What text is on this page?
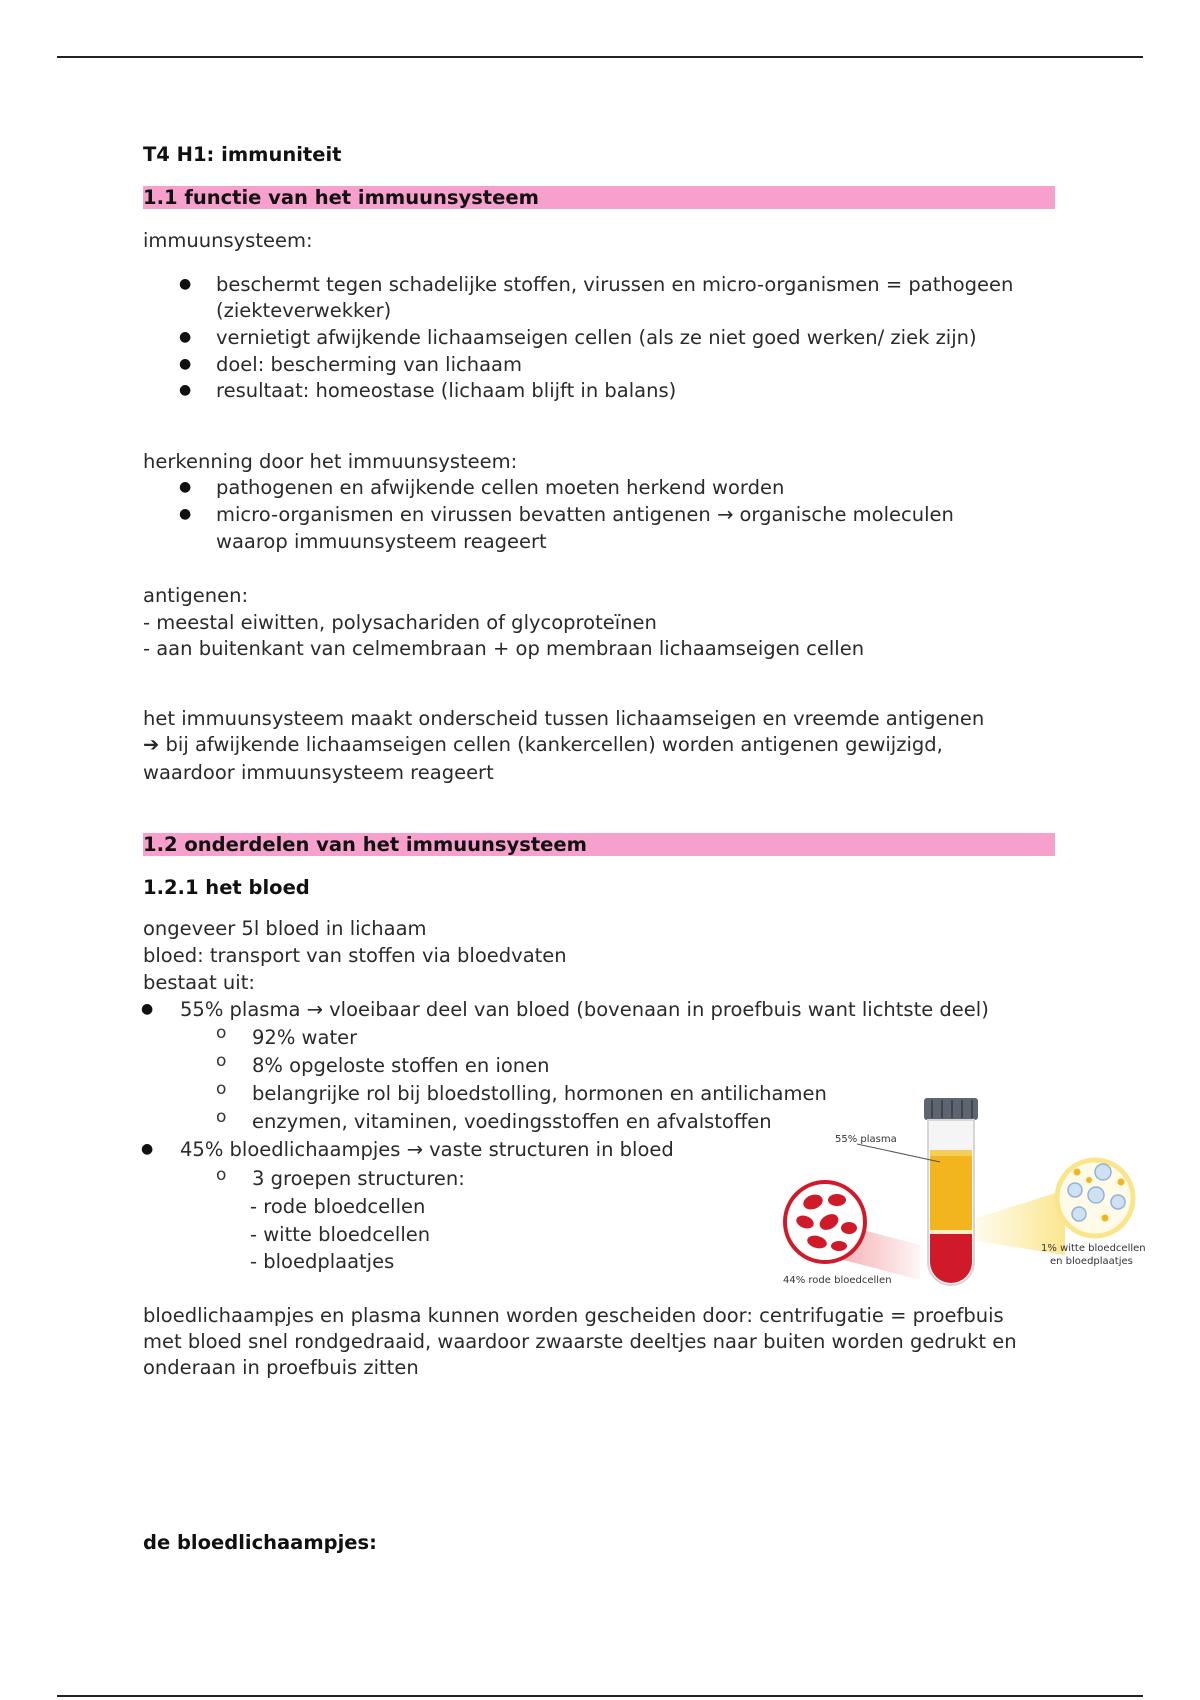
T4 H1: immuniteit
1.1 functie van het immuunsysteem
immuunsysteem:
● beschermt tegen schadelijke stoffen, virussen en micro-organismen = pathogeen
(ziekteverwekker)
● vernietigt afwijkende lichaamseigen cellen (als ze niet goed werken/ ziek zijn)
● doel: bescherming van lichaam
● resultaat: homeostase (lichaam blijft in balans)
herkenning door het immuunsysteem:
● pathogenen en afwijkende cellen moeten herkend worden
● micro-organismen en virussen bevatten antigenen → organische moleculen
waarop immuunsysteem reageert
antigenen:
- meestal eiwitten, polysachariden of glycoproteïnen
- aan buitenkant van celmembraan + op membraan lichaamseigen cellen
het immuunsysteem maakt onderscheid tussen lichaamseigen en vreemde antigenen
➔ bij afwijkende lichaamseigen cellen (kankercellen) worden antigenen gewijzigd,
waardoor immuunsysteem reageert
1.2 onderdelen van het immuunsysteem
1.2.1 het bloed
ongeveer 5l bloed in lichaam
bloed: transport van stoffen via bloedvaten
bestaat uit:
● 55% plasma → vloeibaar deel van bloed (bovenaan in proefbuis want lichtste deel)
o 92% water
o 8% opgeloste stoffen en ionen
o belangrijke rol bij bloedstolling, hormonen en antilichamen
o enzymen, vitaminen, voedingsstoffen en afvalstoffen
● 45% bloedlichaampjes → vaste structuren in bloed
o 3 groepen structuren:
- rode bloedcellen
- witte bloedcellen
- bloedplaatjes
55% plasma
44% rode bloedcellen
1% witte bloedcellen
en bloedplaatjes
bloedlichaampjes en plasma kunnen worden gescheiden door: centrifugatie = proefbuis
met bloed snel rondgedraaid, waardoor zwaarste deeltjes naar buiten worden gedrukt en
onderaan in proefbuis zitten
de bloedlichaampjes:
